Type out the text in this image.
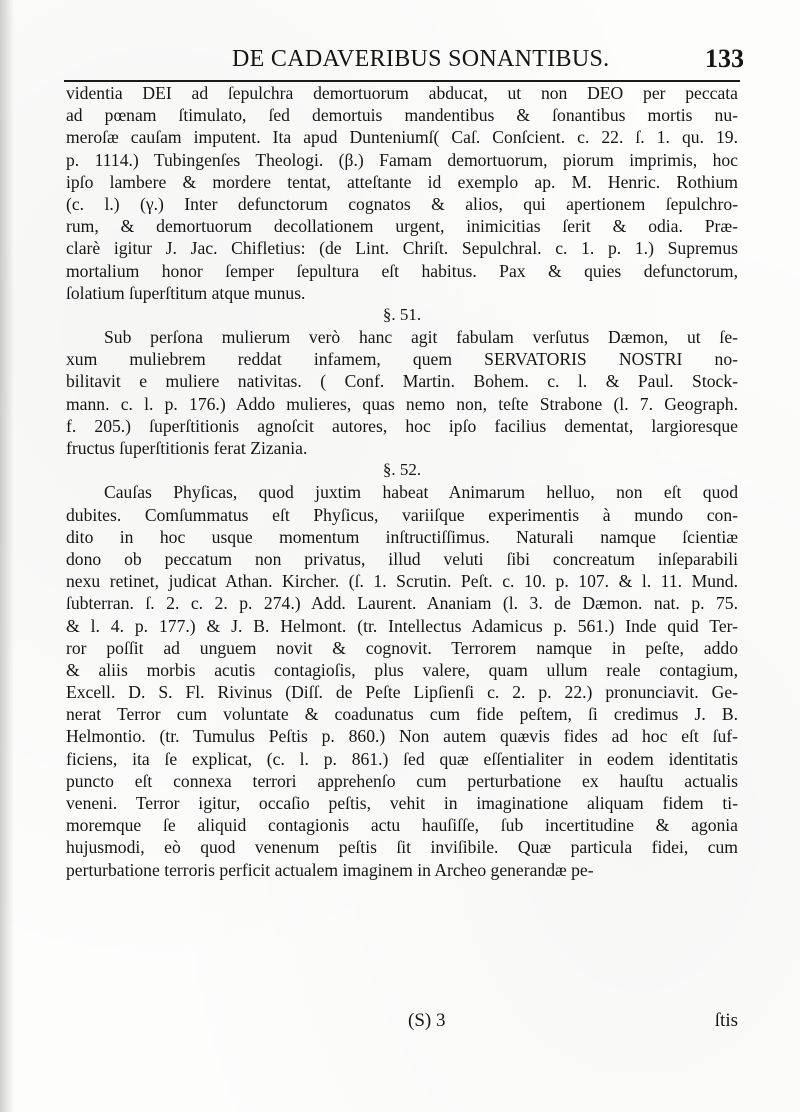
DE CADAVERIBUS SONANTIBUS.	133
videntia DEI ad ſepulchra demortuorum abducat, ut non DEO per peccata
ad pœnam ſtimulato, ſed demortuis mandentibus & ſonantibus mortis nu-
meroſæ cauſam imputent. Ita apud Dunteniumſ( Caſ. Conſcient. c. 22. ſ. 1. qu. 19.
p. 1114.) Tubingenſes Theologi. (β.) Famam demortuorum, piorum imprimis, hoc
ipſo lambere & mordere tentat, atteſtante id exemplo ap. M. Henric. Rothium
(c. l.) (γ.) Inter defunctorum cognatos & alios, qui apertionem ſepulchro-
rum, & demortuorum decollationem urgent, inimicitias ſerit & odia. Præ-
clarè igitur J. Jac. Chifletius: (de Lint. Chriſt. Sepulchral. c. 1. p. 1.) Supremus
mortalium honor ſemper ſepultura eſt habitus. Pax & quies defunctorum,
ſolatium ſuperſtitum atque munus.
§. 51.
Sub perſona mulierum verò hanc agit fabulam verſutus Dæmon, ut ſe-
xum muliebrem reddat infamem, quem SERVATORIS NOSTRI no-
bilitavit e muliere nativitas. ( Conf. Martin. Bohem. c. l. & Paul. Stock-
mann. c. l. p. 176.) Addo mulieres, quas nemo non, teſte Strabone (l. 7. Geograph.
f. 205.) ſuperſtitionis agnoſcit autores, hoc ipſo facilius dementat, largioresque
fructus ſuperſtitionis ferat Zizania.
§. 52.
Cauſas Phyſicas, quod juxtim habeat Animarum helluo, non eſt quod
dubites. Comſummatus eſt Phyſicus, variiſque experimentis à mundo con-
dito in hoc usque momentum inſtructiſſimus. Naturali namque ſcientiæ
dono ob peccatum non privatus, illud veluti ſibi concreatum inſeparabili
nexu retinet, judicat Athan. Kircher. (ſ. 1. Scrutin. Peſt. c. 10. p. 107. & l. 11. Mund.
ſubterran. ſ. 2. c. 2. p. 274.) Add. Laurent. Ananiam (l. 3. de Dæmon. nat. p. 75.
& l. 4. p. 177.) & J. B. Helmont. (tr. Intellectus Adamicus p. 561.) Inde quid Ter-
ror poſſit ad unguem novit & cognovit. Terrorem namque in peſte, addo
& aliis morbis acutis contagioſis, plus valere, quam ullum reale contagium,
Excell. D. S. Fl. Rivinus (Diſſ. de Peſte Lipſienſi c. 2. p. 22.) pronunciavit. Ge-
nerat Terror cum voluntate & coadunatus cum fide peſtem, ſi credimus J. B.
Helmontio. (tr. Tumulus Peſtis p. 860.) Non autem quævis fides ad hoc eſt ſuf-
ficiens, ita ſe explicat, (c. l. p. 861.) ſed quæ eſſentialiter in eodem identitatis
puncto eſt connexa terrori apprehenſo cum perturbatione ex hauſtu actualis
veneni. Terror igitur, occaſio peſtis, vehit in imaginatione aliquam fidem ti-
moremque ſe aliquid contagionis actu hauſiſſe, ſub incertitudine & agonia
hujusmodi, eò quod venenum peſtis ſit inviſibile. Quæ particula fidei, cum
perturbatione terroris perficit actualem imaginem in Archeo generandæ pe-
(S) 3	ſtis
